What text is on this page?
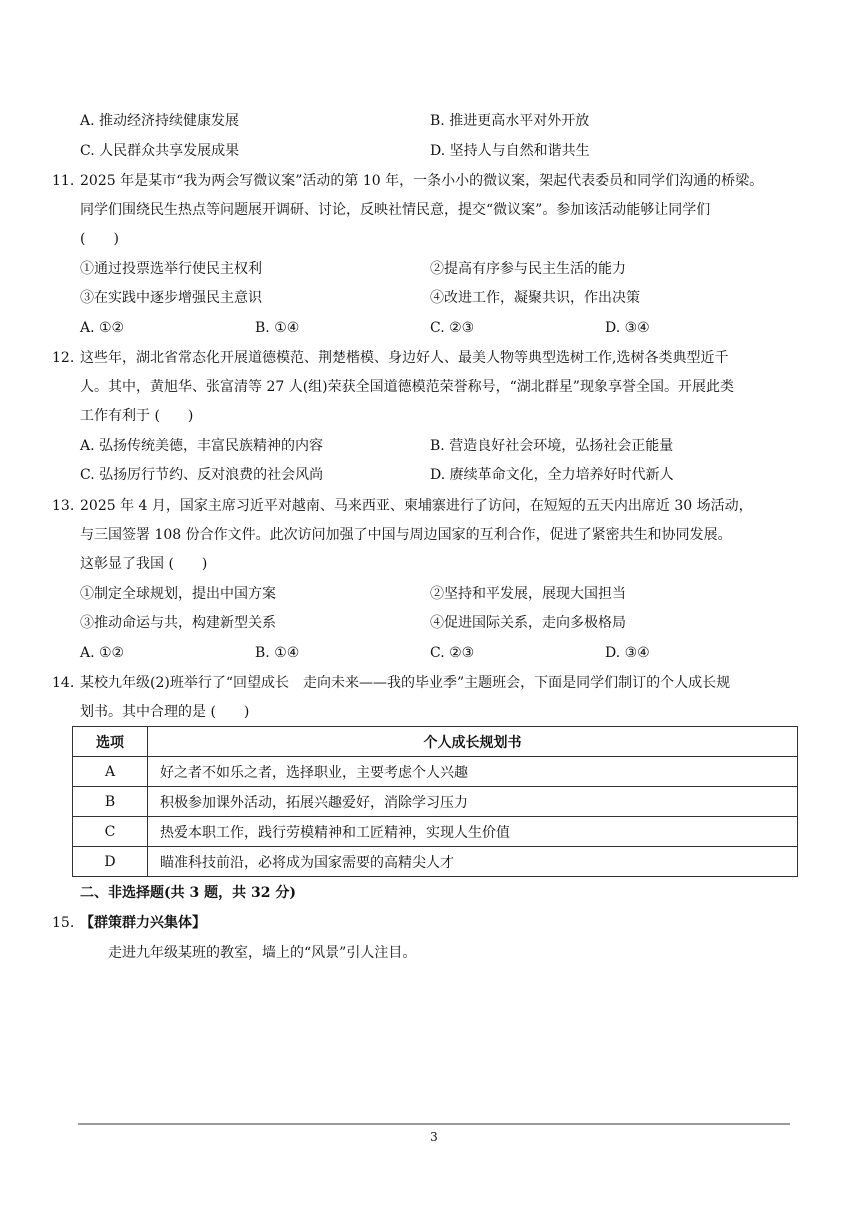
A. 推动经济持续健康发展	B. 推进更高水平对外开放
C. 人民群众共享发展成果	D. 坚持人与自然和谐共生
11. 2025 年是某市“我为两会写微议案”活动的第 10 年，一条小小的微议案，架起代表委员和同学们沟通的桥梁。
同学们围绕民生热点等问题展开调研、讨论，反映社情民意，提交“微议案”。参加该活动能够让同学们
(　　)
①通过投票选举行使民主权利	②提高有序参与民主生活的能力
③在实践中逐步增强民主意识	④改进工作，凝聚共识，作出决策
A. ①②	B. ①④	C. ②③	D. ③④
12. 这些年，湖北省常态化开展道德模范、荆楚楷模、身边好人、最美人物等典型选树工作,选树各类典型近千
人。其中，黄旭华、张富清等 27 人(组)荣获全国道德模范荣誉称号，“湖北群星”现象享誉全国。开展此类
工作有利于 (　　)
A. 弘扬传统美德，丰富民族精神的内容	B. 营造良好社会环境，弘扬社会正能量
C. 弘扬厉行节约、反对浪费的社会风尚	D. 赓续革命文化，全力培养好时代新人
13. 2025 年 4 月，国家主席习近平对越南、马来西亚、柬埔寨进行了访问，在短短的五天内出席近 30 场活动，
与三国签署 108 份合作文件。此次访问加强了中国与周边国家的互利合作，促进了紧密共生和协同发展。
这彰显了我国 (　　)
①制定全球规划，提出中国方案	②坚持和平发展，展现大国担当
③推动命运与共，构建新型关系	④促进国际关系，走向多极格局
A. ①②	B. ①④	C. ②③	D. ③④
14. 某校九年级(2)班举行了“回望成长　走向未来——我的毕业季”主题班会，下面是同学们制订的个人成长规
划书。其中合理的是 (　　)
选项	个人成长规划书
A	好之者不如乐之者，选择职业，主要考虑个人兴趣
B	积极参加课外活动，拓展兴趣爱好，消除学习压力
C	热爱本职工作，践行劳模精神和工匠精神，实现人生价值
D	瞄准科技前沿，必将成为国家需要的高精尖人才
二、非选择题(共 3 题，共 32 分)
15. 【群策群力兴集体】
走进九年级某班的教室，墙上的“风景”引人注目。
3
